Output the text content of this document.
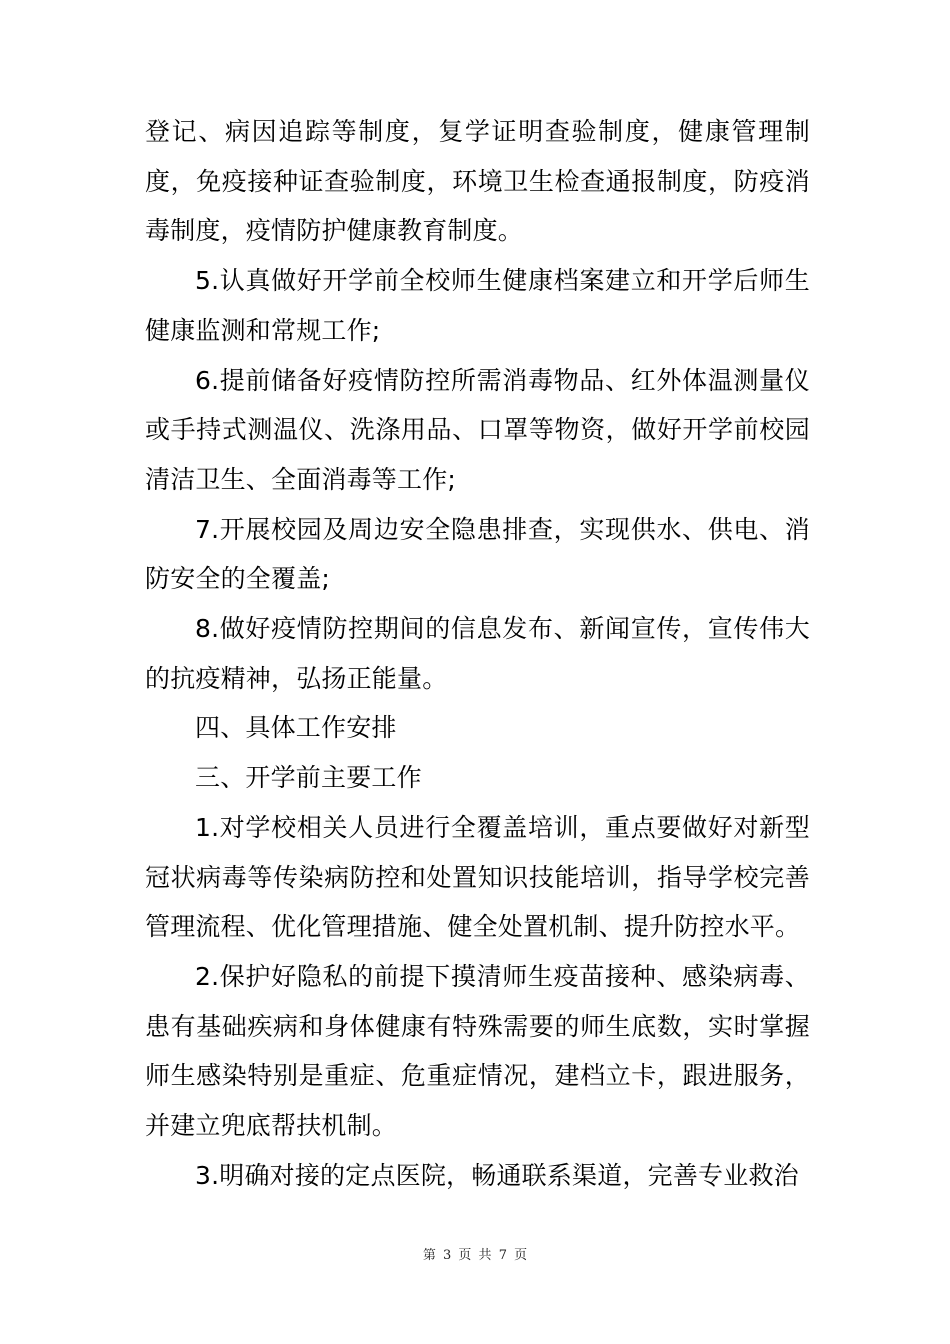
登记、病因追踪等制度，复学证明查验制度，健康管理制度，免疫接种证查验制度，环境卫生检查通报制度，防疫消毒制度，疫情防护健康教育制度。

5.认真做好开学前全校师生健康档案建立和开学后师生健康监测和常规工作;

6.提前储备好疫情防控所需消毒物品、红外体温测量仪或手持式测温仪、洗涤用品、口罩等物资，做好开学前校园清洁卫生、全面消毒等工作;

7.开展校园及周边安全隐患排查，实现供水、供电、消防安全的全覆盖;

8.做好疫情防控期间的信息发布、新闻宣传，宣传伟大的抗疫精神，弘扬正能量。

四、具体工作安排

三、开学前主要工作

1.对学校相关人员进行全覆盖培训，重点要做好对新型冠状病毒等传染病防控和处置知识技能培训，指导学校完善管理流程、优化管理措施、健全处置机制、提升防控水平。

2.保护好隐私的前提下摸清师生疫苗接种、感染病毒、患有基础疾病和身体健康有特殊需要的师生底数，实时掌握师生感染特别是重症、危重症情况，建档立卡，跟进服务，并建立兜底帮扶机制。

3.明确对接的定点医院，畅通联系渠道，完善专业救治

第 3 页 共 7 页
